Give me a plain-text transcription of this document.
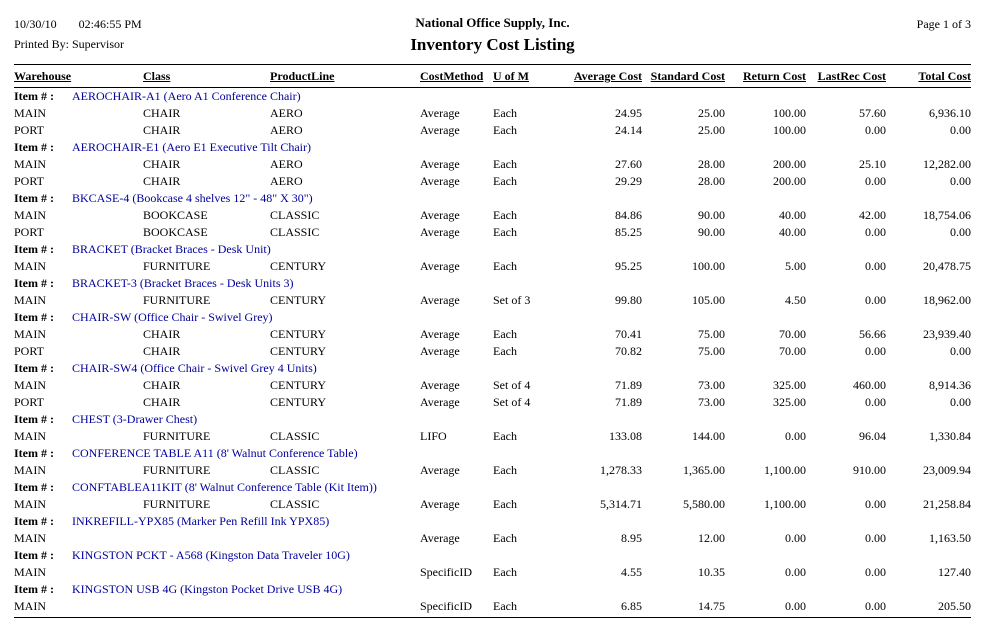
10/30/10 02:46:55 PM
Printed By: Supervisor
National Office Supply, Inc.
Inventory Cost Listing
Page 1 of 3
Warehouse	Class	ProductLine	CostMethod	U of M	Average Cost	Standard Cost	Return Cost	LastRec Cost	Total Cost
Item # : AEROCHAIR-A1 (Aero A1 Conference Chair)									
MAIN	CHAIR	AERO	Average	Each	24.95	25.00	100.00	57.60	6,936.10
PORT	CHAIR	AERO	Average	Each	24.14	25.00	100.00	0.00	0.00
Item # : AEROCHAIR-E1 (Aero E1 Executive Tilt Chair)									
MAIN	CHAIR	AERO	Average	Each	27.60	28.00	200.00	25.10	12,282.00
PORT	CHAIR	AERO	Average	Each	29.29	28.00	200.00	0.00	0.00
Item # : BKCASE-4 (Bookcase 4 shelves 12" - 48" X 30")									
MAIN	BOOKCASE	CLASSIC	Average	Each	84.86	90.00	40.00	42.00	18,754.06
PORT	BOOKCASE	CLASSIC	Average	Each	85.25	90.00	40.00	0.00	0.00
Item # : BRACKET (Bracket Braces - Desk Unit)									
MAIN	FURNITURE	CENTURY	Average	Each	95.25	100.00	5.00	0.00	20,478.75
Item # : BRACKET-3 (Bracket Braces - Desk Units 3)									
MAIN	FURNITURE	CENTURY	Average	Set of 3	99.80	105.00	4.50	0.00	18,962.00
Item # : CHAIR-SW (Office Chair - Swivel Grey)									
MAIN	CHAIR	CENTURY	Average	Each	70.41	75.00	70.00	56.66	23,939.40
PORT	CHAIR	CENTURY	Average	Each	70.82	75.00	70.00	0.00	0.00
Item # : CHAIR-SW4 (Office Chair - Swivel Grey 4 Units)									
MAIN	CHAIR	CENTURY	Average	Set of 4	71.89	73.00	325.00	460.00	8,914.36
PORT	CHAIR	CENTURY	Average	Set of 4	71.89	73.00	325.00	0.00	0.00
Item # : CHEST (3-Drawer Chest)									
MAIN	FURNITURE	CLASSIC	LIFO	Each	133.08	144.00	0.00	96.04	1,330.84
Item # : CONFERENCE TABLE A11 (8' Walnut Conference Table)									
MAIN	FURNITURE	CLASSIC	Average	Each	1,278.33	1,365.00	1,100.00	910.00	23,009.94
Item # : CONFTABLEA11KIT (8' Walnut Conference Table (Kit Item))									
MAIN	FURNITURE	CLASSIC	Average	Each	5,314.71	5,580.00	1,100.00	0.00	21,258.84
Item # : INKREFILL-YPX85 (Marker Pen Refill Ink YPX85)									
MAIN			Average	Each	8.95	12.00	0.00	0.00	1,163.50
Item # : KINGSTON PCKT - A568 (Kingston Data Traveler 10G)									
MAIN			SpecificID	Each	4.55	10.35	0.00	0.00	127.40
Item # : KINGSTON USB 4G (Kingston Pocket Drive USB 4G)									
MAIN			SpecificID	Each	6.85	14.75	0.00	0.00	205.50
